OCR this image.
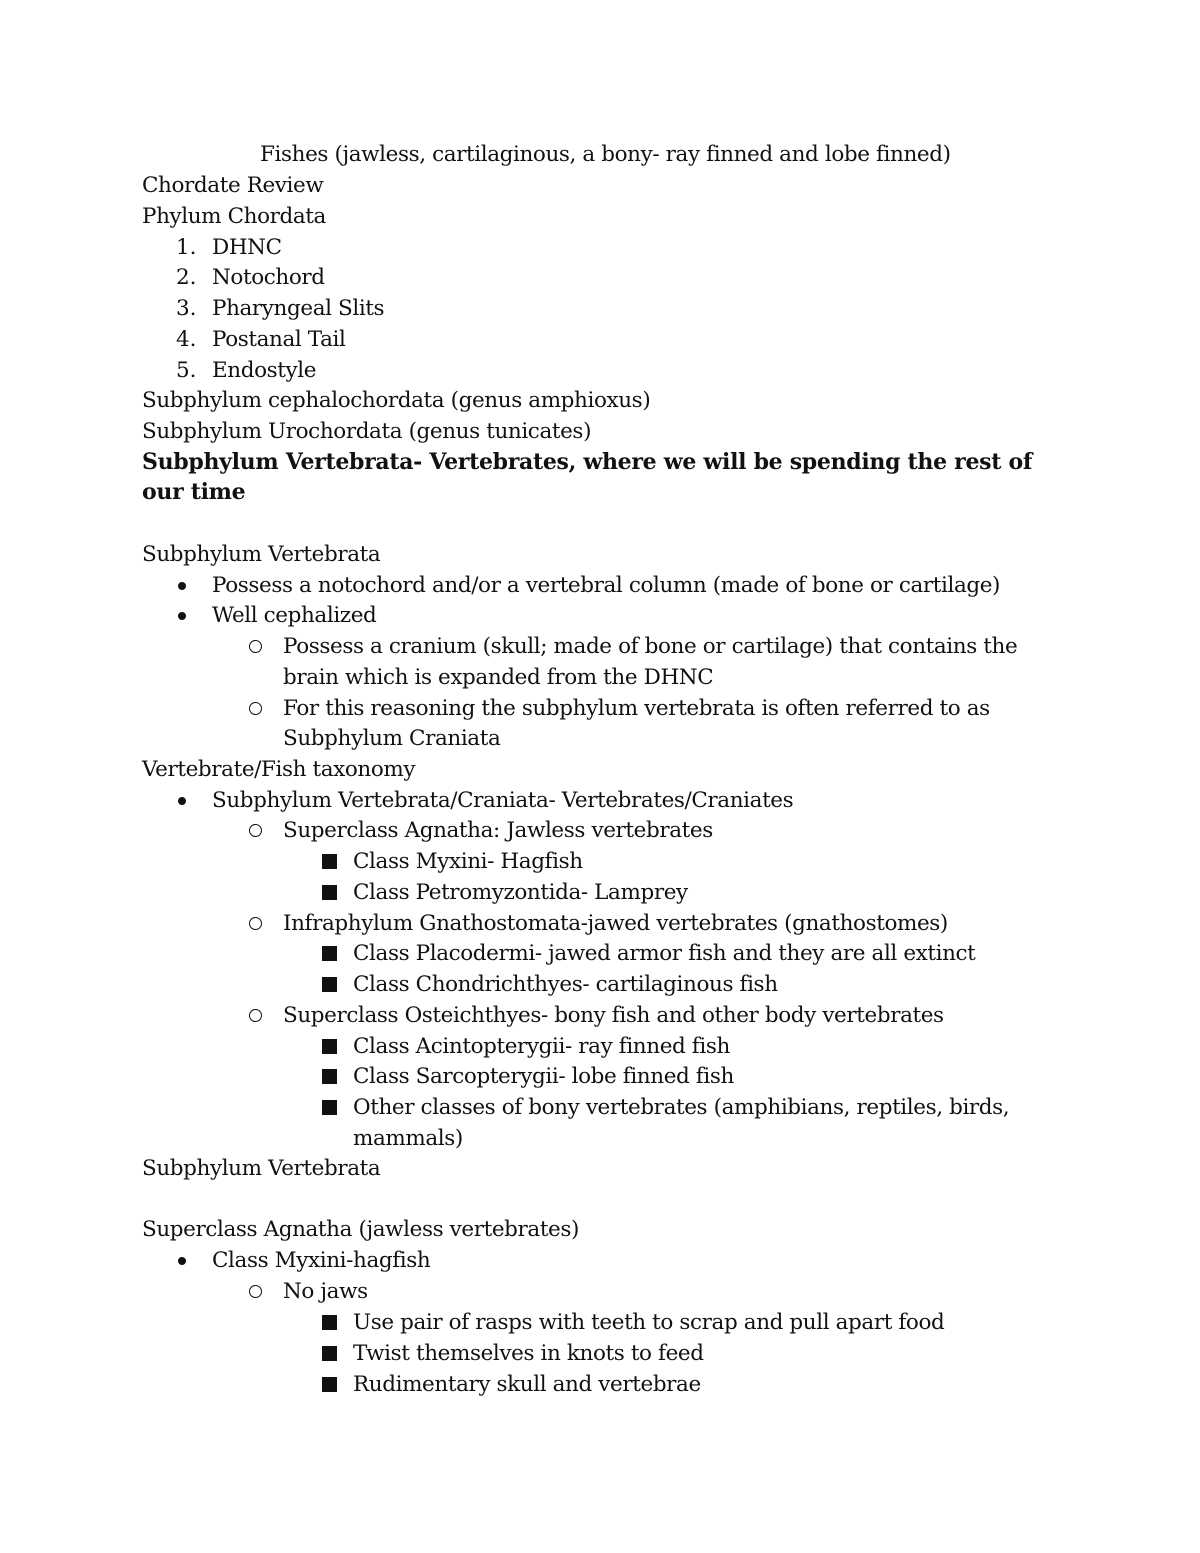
Fishes (jawless, cartilaginous, a bony- ray finned and lobe finned)
Chordate Review
Phylum Chordata
1. DHNC
2. Notochord
3. Pharyngeal Slits
4. Postanal Tail
5. Endostyle
Subphylum cephalochordata (genus amphioxus)
Subphylum Urochordata (genus tunicates)
Subphylum Vertebrata- Vertebrates, where we will be spending the rest of
our time
Subphylum Vertebrata
Possess a notochord and/or a vertebral column (made of bone or cartilage)
Well cephalized
Possess a cranium (skull; made of bone or cartilage) that contains the
brain which is expanded from the DHNC
For this reasoning the subphylum vertebrata is often referred to as
Subphylum Craniata
Vertebrate/Fish taxonomy
Subphylum Vertebrata/Craniata- Vertebrates/Craniates
Superclass Agnatha: Jawless vertebrates
Class Myxini- Hagfish
Class Petromyzontida- Lamprey
Infraphylum Gnathostomata-jawed vertebrates (gnathostomes)
Class Placodermi- jawed armor fish and they are all extinct
Class Chondrichthyes- cartilaginous fish
Superclass Osteichthyes- bony fish and other body vertebrates
Class Acintopterygii- ray finned fish
Class Sarcopterygii- lobe finned fish
Other classes of bony vertebrates (amphibians, reptiles, birds,
mammals)
Subphylum Vertebrata
Superclass Agnatha (jawless vertebrates)
Class Myxini-hagfish
No jaws
Use pair of rasps with teeth to scrap and pull apart food
Twist themselves in knots to feed
Rudimentary skull and vertebrae
